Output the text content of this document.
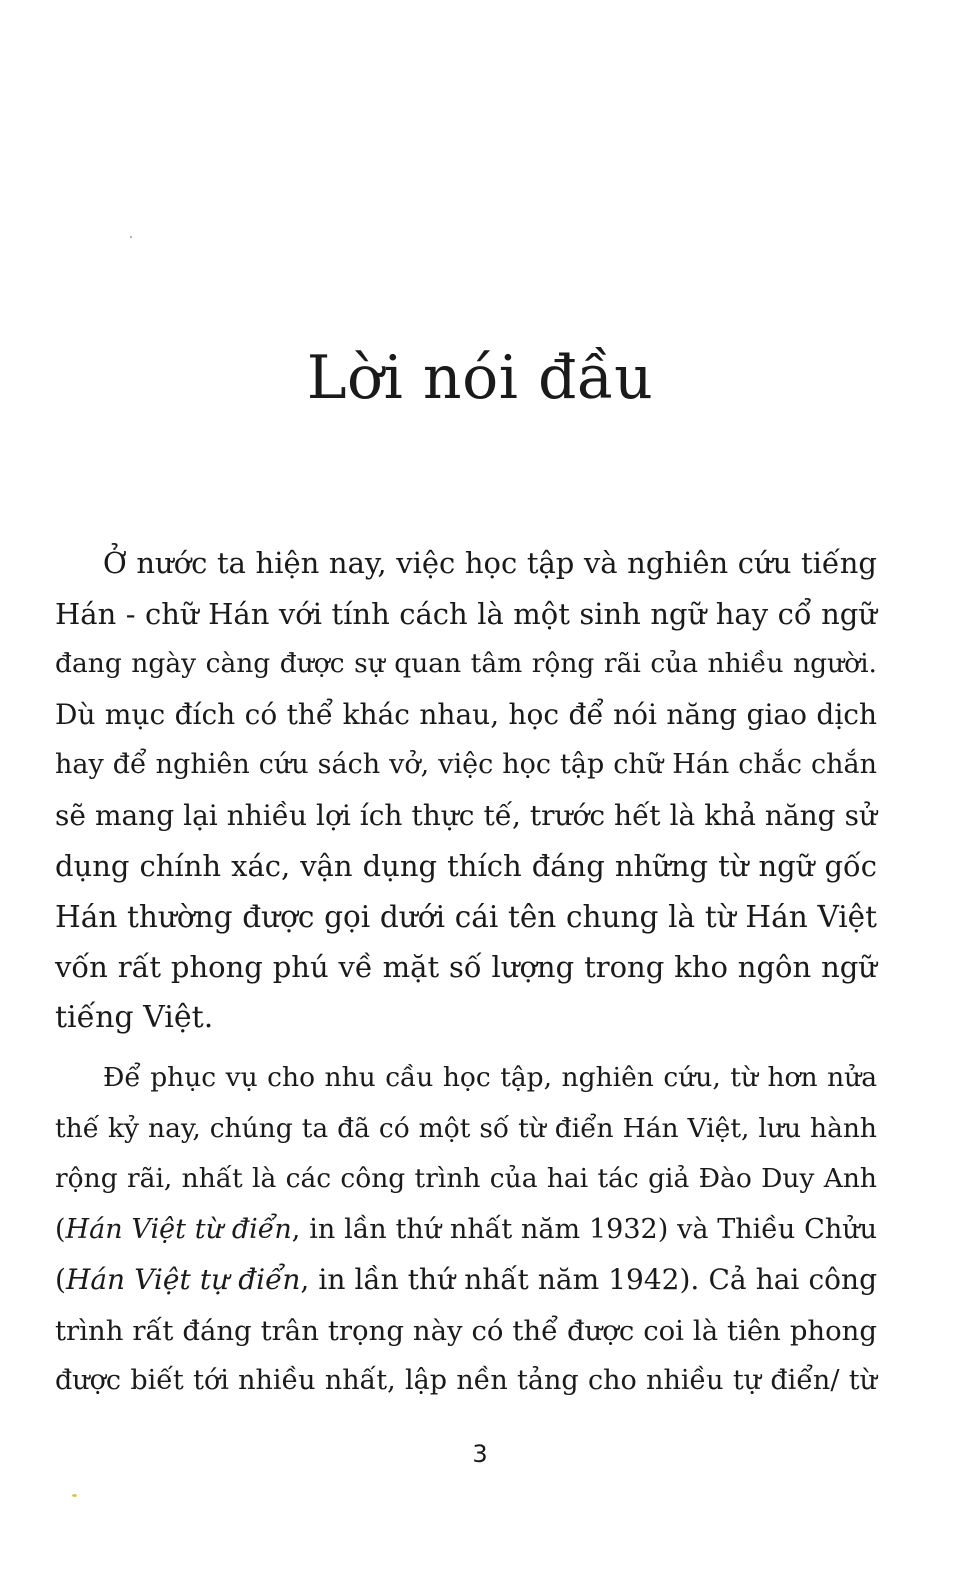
Lời nói đầu
Ở nước ta hiện nay, việc học tập và nghiên cứu tiếng
Hán - chữ Hán với tính cách là một sinh ngữ hay cổ ngữ
đang ngày càng được sự quan tâm rộng rãi của nhiều người.
Dù mục đích có thể khác nhau, học để nói năng giao dịch
hay để nghiên cứu sách vở, việc học tập chữ Hán chắc chắn
sẽ mang lại nhiều lợi ích thực tế, trước hết là khả năng sử
dụng chính xác, vận dụng thích đáng những từ ngữ gốc
Hán thường được gọi dưới cái tên chung là từ Hán Việt
vốn rất phong phú về mặt số lượng trong kho ngôn ngữ
tiếng Việt.
Để phục vụ cho nhu cầu học tập, nghiên cứu, từ hơn nửa
thế kỷ nay, chúng ta đã có một số từ điển Hán Việt, lưu hành
rộng rãi, nhất là các công trình của hai tác giả Đào Duy Anh
(Hán Việt từ điển, in lần thứ nhất năm 1932) và Thiều Chửu
(Hán Việt tự điển, in lần thứ nhất năm 1942). Cả hai công
trình rất đáng trân trọng này có thể được coi là tiên phong
được biết tới nhiều nhất, lập nền tảng cho nhiều tự điển/ từ
3
